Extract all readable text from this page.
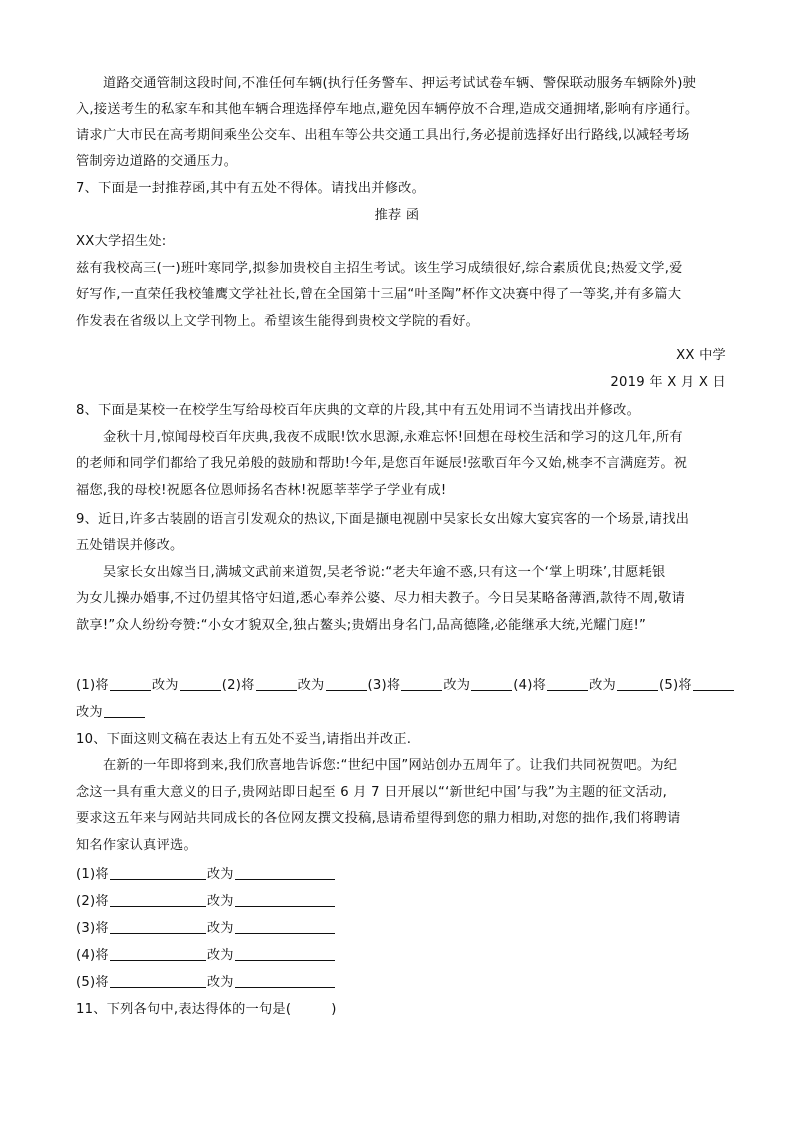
道路交通管制这段时间,不准任何车辆(执行任务警车、押运考试试卷车辆、警保联动服务车辆除外)驶
入,接送考生的私家车和其他车辆合理选择停车地点,避免因车辆停放不合理,造成交通拥堵,影响有序通行。
请求广大市民在高考期间乘坐公交车、出租车等公共交通工具出行,务必提前选择好出行路线,以减轻考场
管制旁边道路的交通压力。
7、下面是一封推荐函,其中有五处不得体。请找出并修改。
推荐 函
XX大学招生处:
兹有我校高三(一)班叶寒同学,拟参加贵校自主招生考试。该生学习成绩很好,综合素质优良;热爱文学,爱
好写作,一直荣任我校雏鹰文学社社长,曾在全国第十三届“叶圣陶”杯作文决赛中得了一等奖,并有多篇大
作发表在省级以上文学刊物上。希望该生能得到贵校文学院的看好。
XX 中学
2019 年 X 月 X 日
8、下面是某校一在校学生写给母校百年庆典的文章的片段,其中有五处用词不当请找出并修改。
金秋十月,惊闻母校百年庆典,我夜不成眠!饮水思源,永难忘怀!回想在母校生活和学习的这几年,所有
的老师和同学们都给了我兄弟般的鼓励和帮助!今年,是您百年诞辰!弦歌百年今又始,桃李不言满庭芳。祝
福您,我的母校!祝愿各位恩师扬名杏林!祝愿莘莘学子学业有成!
9、近日,许多古装剧的语言引发观众的热议,下面是撷电视剧中吴家长女出嫁大宴宾客的一个场景,请找出
五处错误并修改。
吴家长女出嫁当日,满城文武前来道贺,吴老爷说:“老夫年逾不惑,只有这一个‘掌上明珠’,甘愿耗银
为女儿操办婚事,不过仍望其恪守妇道,悉心奉养公婆、尽力相夫教子。今日吴某略备薄酒,款待不周,敬请
歆享!”众人纷纷夸赞:“小女才貌双全,独占鳌头;贵婿出身名门,品高德隆,必能继承大统,光耀门庭!”
(1)将	改为	(2)将	改为	(3)将	改为	(4)将	改为	(5)将
改为
10、下面这则文稿在表达上有五处不妥当,请指出并改正.
在新的一年即将到来,我们欣喜地告诉您:“世纪中国”网站创办五周年了。让我们共同祝贺吧。为纪
念这一具有重大意义的日子,贵网站即日起至 6 月 7 日开展以“‘新世纪中国’与我”为主题的征文活动,
要求这五年来与网站共同成长的各位网友撰文投稿,恳请希望得到您的鼎力相助,对您的拙作,我们将聘请
知名作家认真评选。
(1)将	改为
(2)将	改为
(3)将	改为
(4)将	改为
(5)将	改为
11、下列各句中,表达得体的一句是(	)
